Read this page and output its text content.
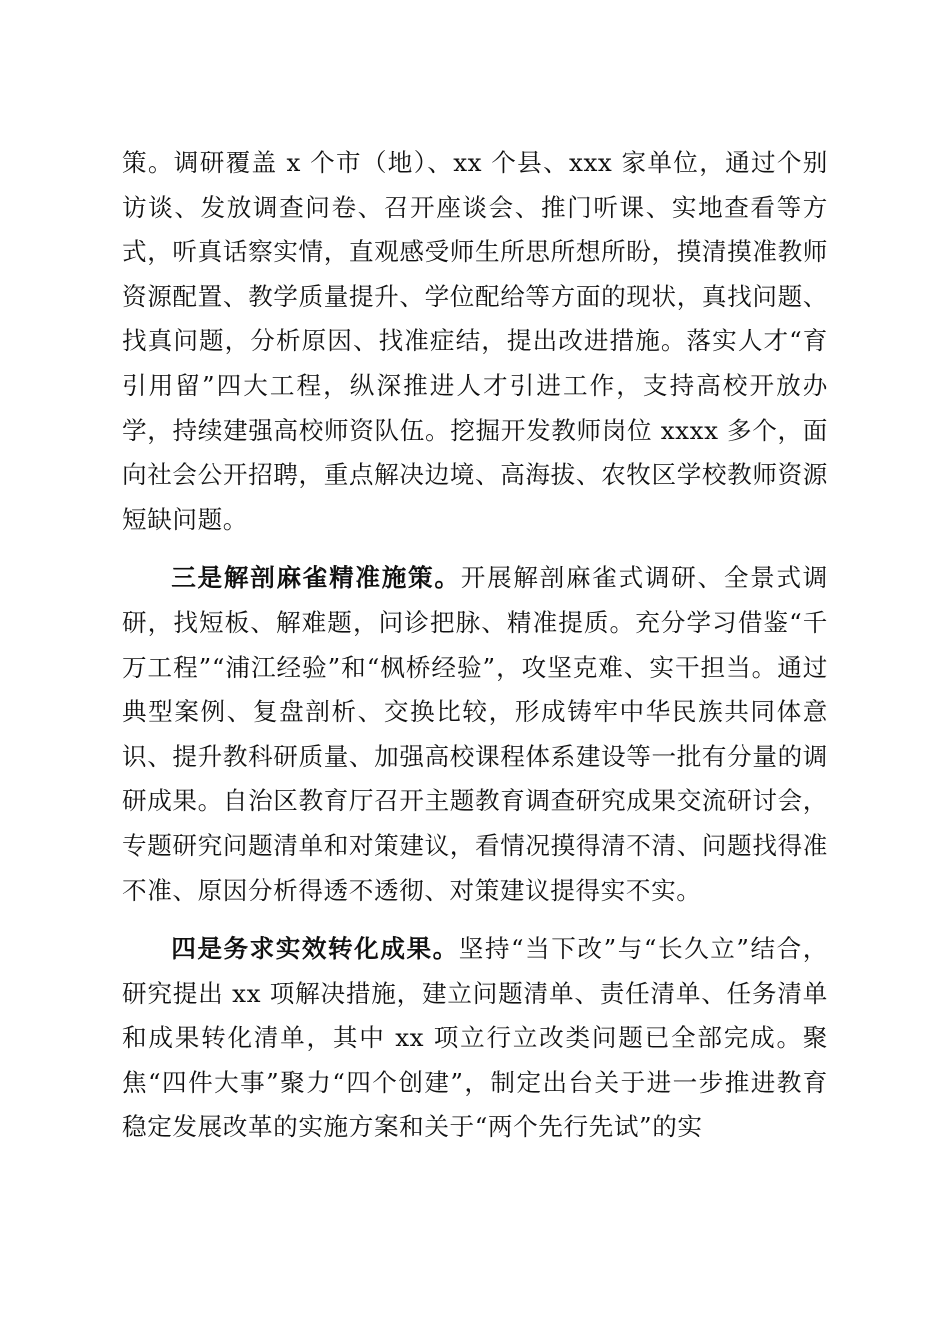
策。调研覆盖 x 个市（地）、xx 个县、xxx 家单位，通过个别访谈、发放调查问卷、召开座谈会、推门听课、实地查看等方式，听真话察实情，直观感受师生所思所想所盼，摸清摸准教师资源配置、教学质量提升、学位配给等方面的现状，真找问题、找真问题，分析原因、找准症结，提出改进措施。落实人才“育引用留”四大工程，纵深推进人才引进工作，支持高校开放办学，持续建强高校师资队伍。挖掘开发教师岗位 xxxx 多个，面向社会公开招聘，重点解决边境、高海拔、农牧区学校教师资源短缺问题。

三是解剖麻雀精准施策。开展解剖麻雀式调研、全景式调研，找短板、解难题，问诊把脉、精准提质。充分学习借鉴“千万工程”“浦江经验”和“枫桥经验”，攻坚克难、实干担当。通过典型案例、复盘剖析、交换比较，形成铸牢中华民族共同体意识、提升教科研质量、加强高校课程体系建设等一批有分量的调研成果。自治区教育厅召开主题教育调查研究成果交流研讨会，专题研究问题清单和对策建议，看情况摸得清不清、问题找得准不准、原因分析得透不透彻、对策建议提得实不实。

四是务求实效转化成果。坚持“当下改”与“长久立”结合，研究提出 xx 项解决措施，建立问题清单、责任清单、任务清单和成果转化清单，其中 xx 项立行立改类问题已全部完成。聚焦“四件大事”聚力“四个创建”，制定出台关于进一步推进教育稳定发展改革的实施方案和关于“两个先行先试”的实
